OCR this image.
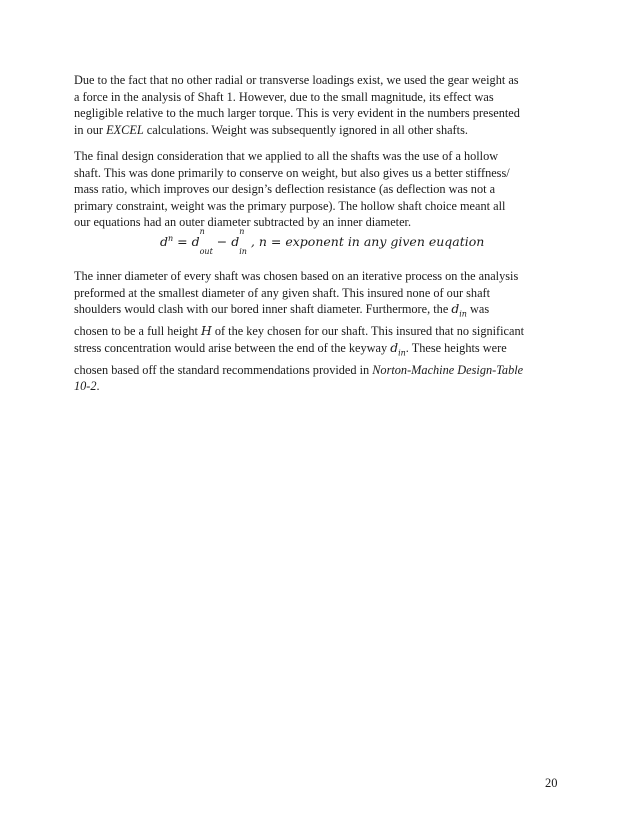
Due to the fact that no other radial or transverse loadings exist, we used the gear weight as
a force in the analysis of Shaft 1. However, due to the small magnitude, its effect was
negligible relative to the much larger torque. This is very evident in the numbers presented
in our EXCEL calculations. Weight was subsequently ignored in all other shafts.

The final design consideration that we applied to all the shafts was the use of a hollow
shaft. This was done primarily to conserve on weight, but also gives us a better stiffness/
mass ratio, which improves our design’s deflection resistance (as deflection was not a
primary constraint, weight was the primary purpose). The hollow shaft choice meant all
our equations had an outer diameter subtracted by an inner diameter.

$d^n = d$
n
$_{out}$ − d
n
$_{in}$ , n = exponent in any given euqation

The inner diameter of every shaft was chosen based on an iterative process on the analysis
preformed at the smallest diameter of any given shaft. This insured none of our shaft
shoulders would clash with our bored inner shaft diameter. Furthermore, the $d_{in}$ was
chosen to be a full height H of the key chosen for our shaft. This insured that no significant
stress concentration would arise between the end of the keyway $d_{in}$. These heights were
chosen based off the standard recommendations provided in Norton-Machine Design-Table
10-2.

20
